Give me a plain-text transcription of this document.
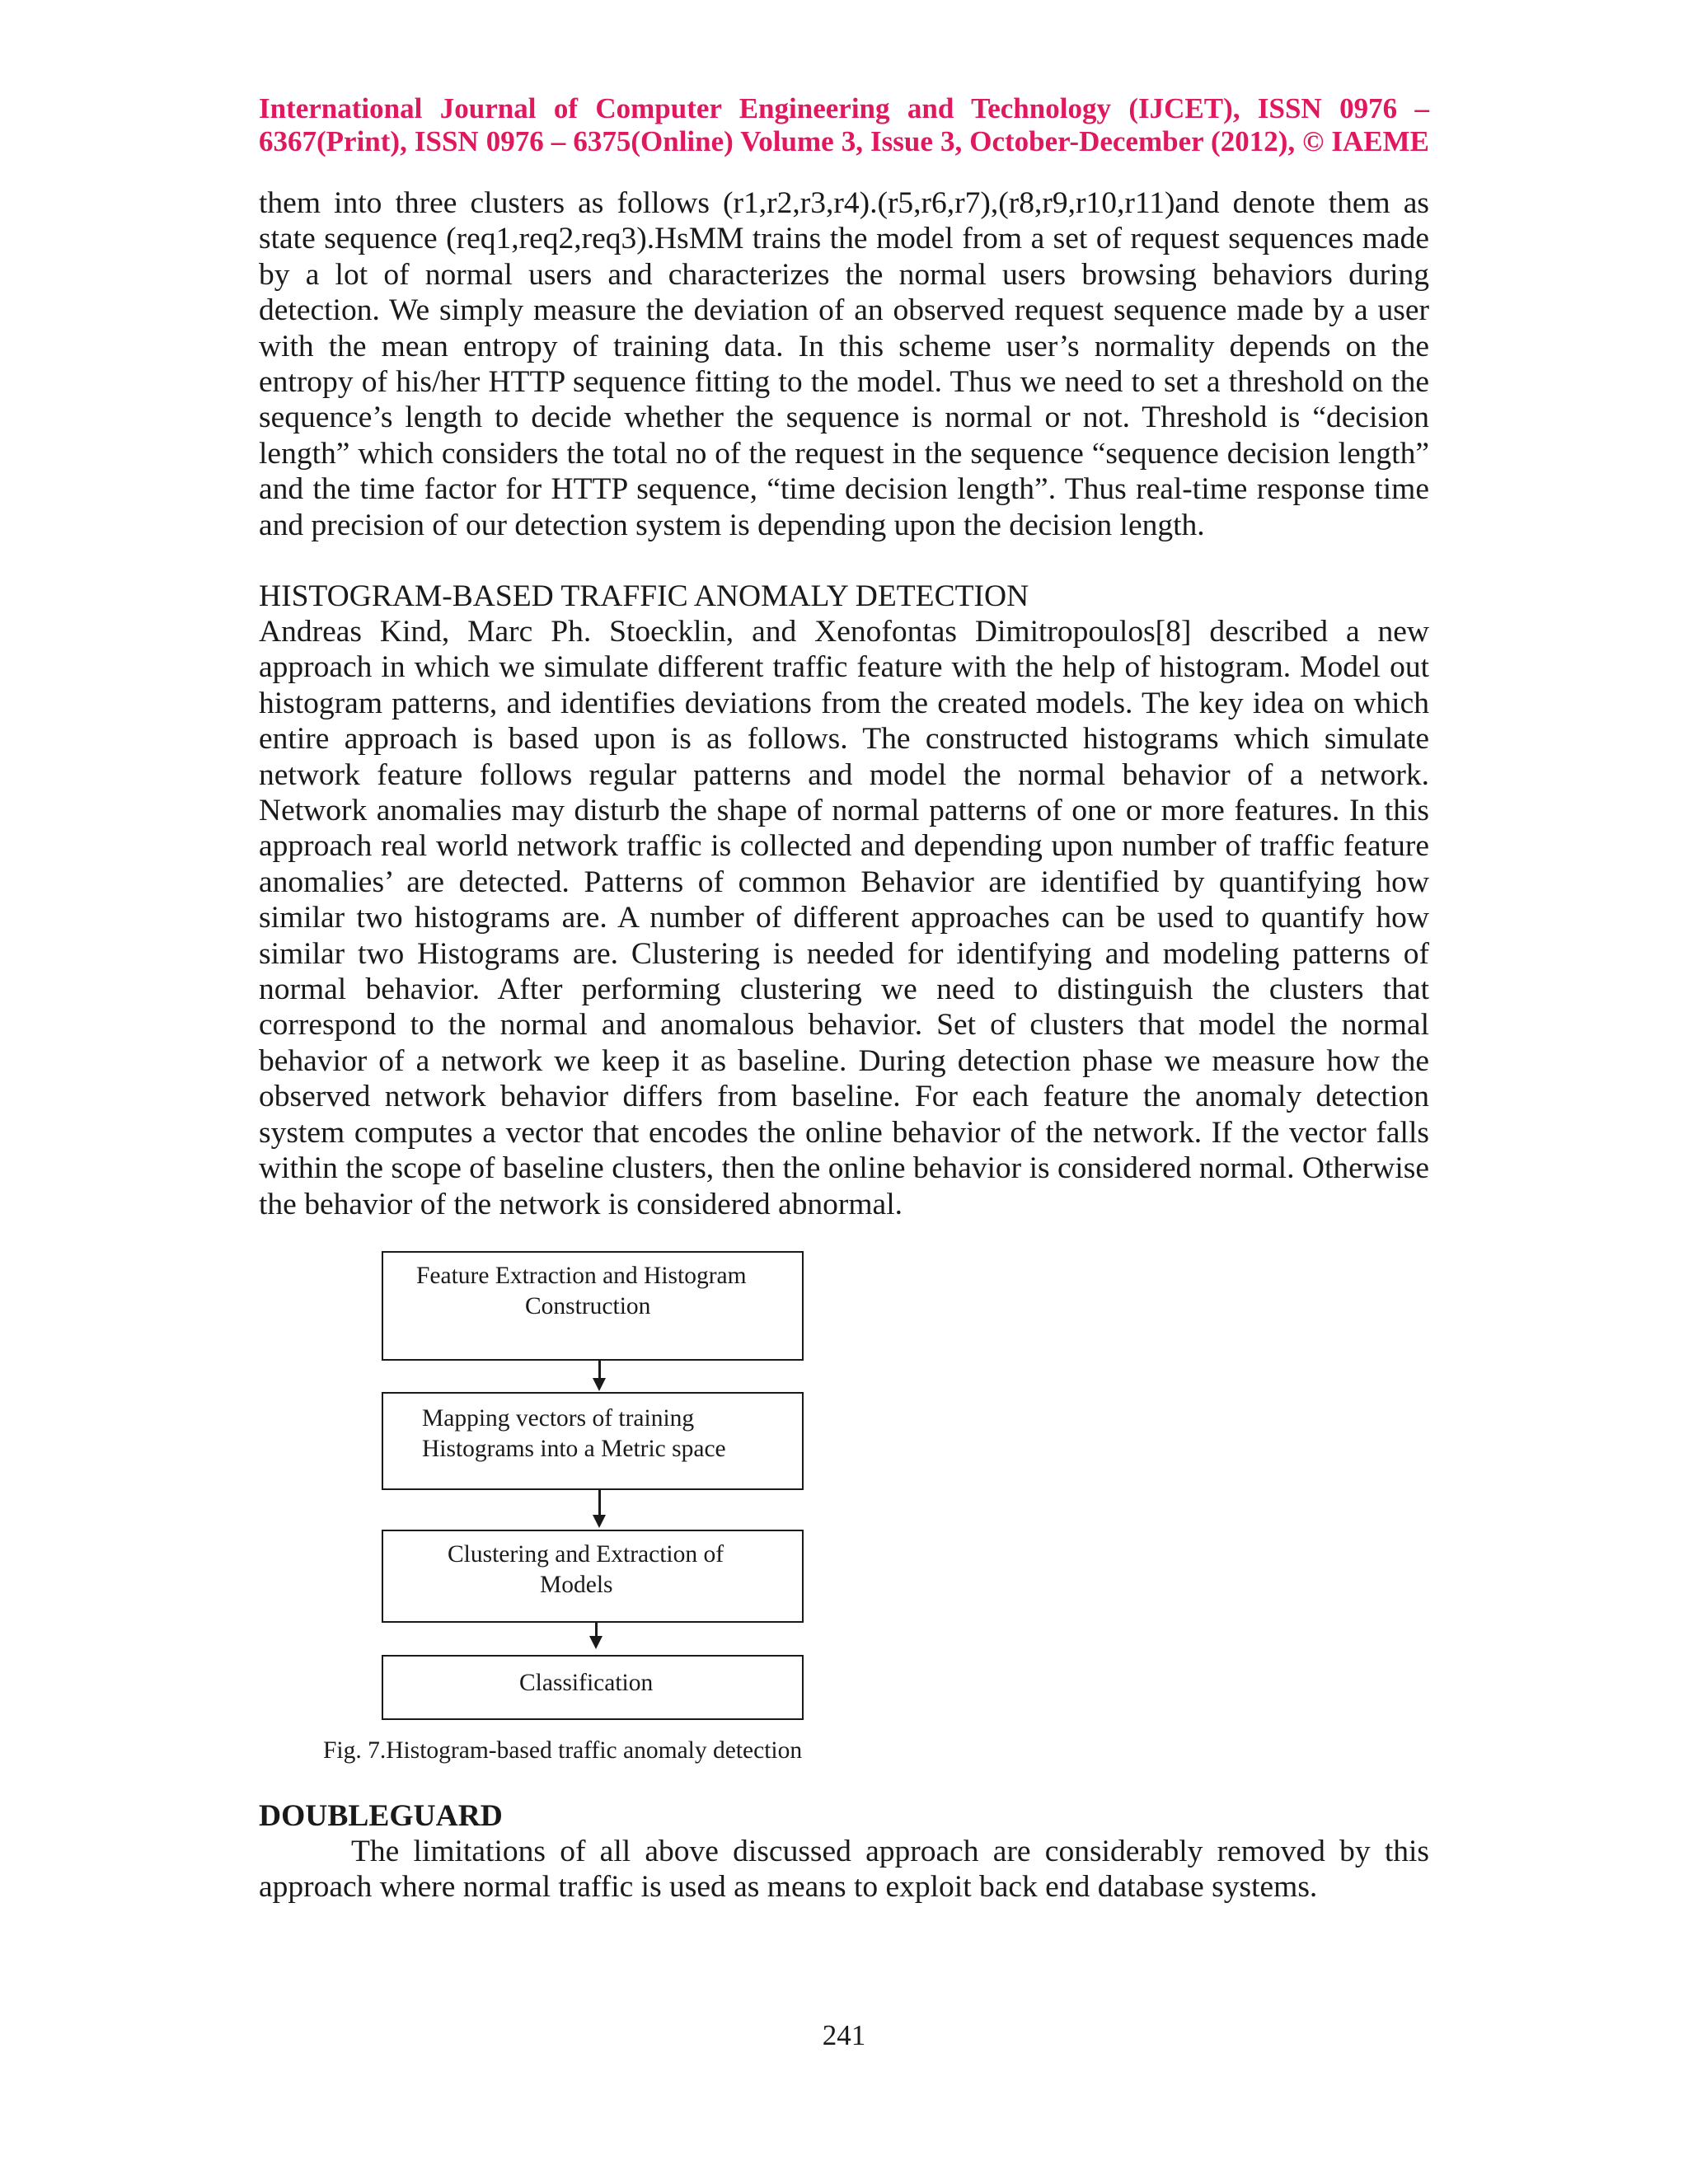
International Journal of Computer Engineering and Technology (IJCET), ISSN 0976 –
6367(Print), ISSN 0976 – 6375(Online) Volume 3, Issue 3, October-December (2012), © IAEME
them into three clusters as follows (r1,r2,r3,r4).(r5,r6,r7),(r8,r9,r10,r11)and denote them as state sequence (req1,req2,req3).HsMM trains the model from a set of request sequences made by a lot of normal users and characterizes the normal users browsing behaviors during detection. We simply measure the deviation of an observed request sequence made by a user with the mean entropy of training data. In this scheme user’s normality depends on the entropy of his/her HTTP sequence fitting to the model. Thus we need to set a threshold on the sequence’s length to decide whether the sequence is normal or not. Threshold is “decision length” which considers the total no of the request in the sequence “sequence decision length” and the time factor for HTTP sequence, “time decision length”. Thus real-time response time and precision of our detection system is depending upon the decision length.
HISTOGRAM-BASED TRAFFIC ANOMALY DETECTION
Andreas Kind, Marc Ph. Stoecklin, and Xenofontas Dimitropoulos[8] described a new approach in which we simulate different traffic feature with the help of histogram. Model out histogram patterns, and identifies deviations from the created models. The key idea on which entire approach is based upon is as follows. The constructed histograms which simulate network feature follows regular patterns and model the normal behavior of a network. Network anomalies may disturb the shape of normal patterns of one or more features. In this approach real world network traffic is collected and depending upon number of traffic feature anomalies’ are detected. Patterns of common Behavior are identified by quantifying how similar two histograms are. A number of different approaches can be used to quantify how similar two Histograms are. Clustering is needed for identifying and modeling patterns of normal behavior. After performing clustering we need to distinguish the clusters that correspond to the normal and anomalous behavior. Set of clusters that model the normal behavior of a network we keep it as baseline. During detection phase we measure how the observed network behavior differs from baseline. For each feature the anomaly detection system computes a vector that encodes the online behavior of the network. If the vector falls within the scope of baseline clusters, then the online behavior is considered normal. Otherwise the behavior of the network is considered abnormal.
Feature Extraction and Histogram
Construction
Mapping vectors of training
Histograms into a Metric space
Clustering and Extraction of
Models
Classification
Fig. 7.Histogram-based traffic anomaly detection
DOUBLEGUARD
The limitations of all above discussed approach are considerably removed by this approach where normal traffic is used as means to exploit back end database systems.
241
